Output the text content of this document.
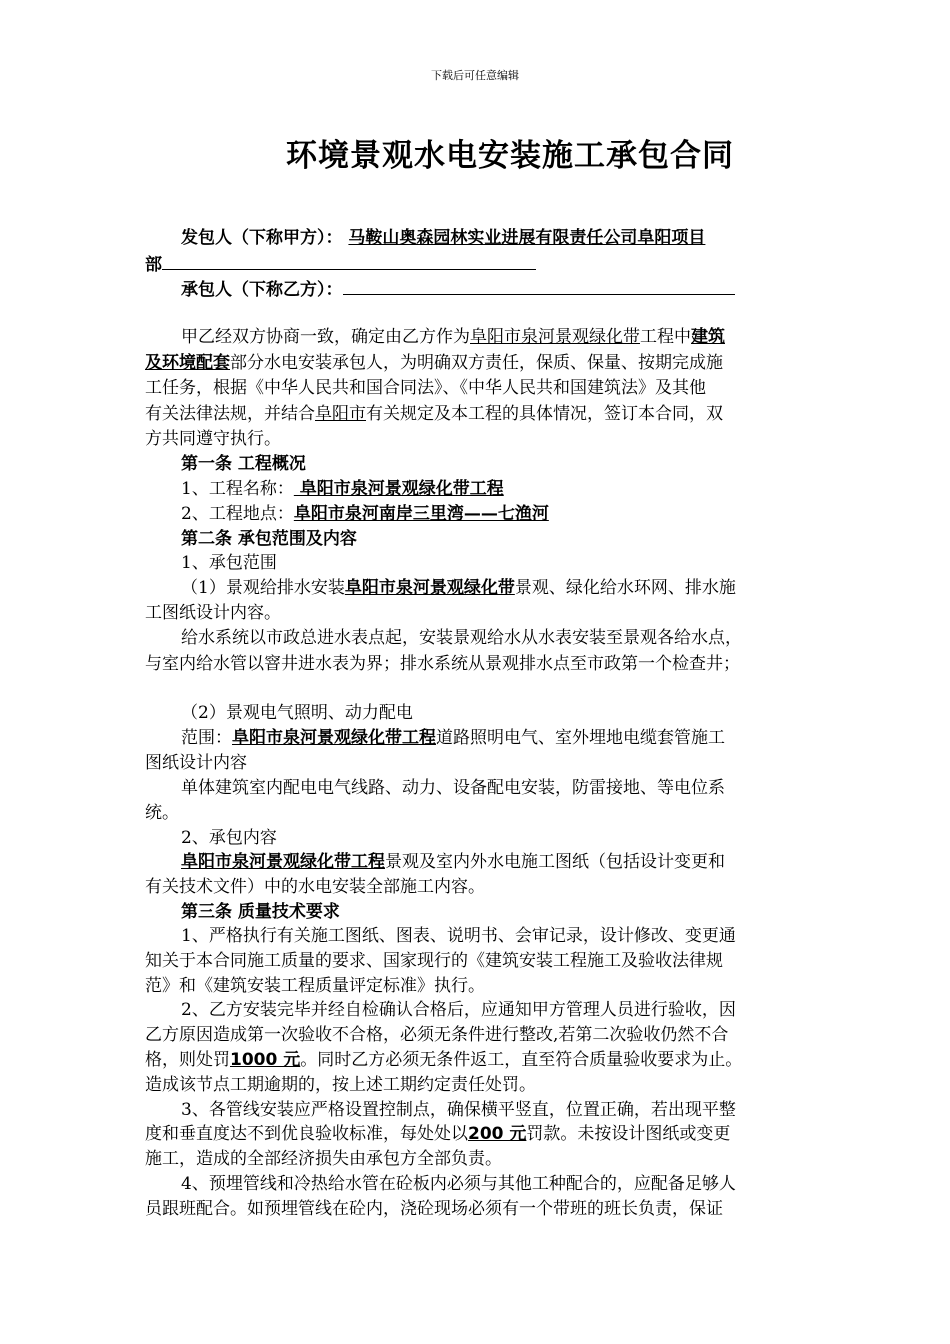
下载后可任意编辑
环境景观水电安装施工承包合同
发包人（下称甲方）： 马鞍山奥森园林实业进展有限责任公司阜阳项目
部
承包人（下称乙方）：
甲乙经双方协商一致，确定由乙方作为阜阳市泉河景观绿化带工程中建筑
及环境配套部分水电安装承包人，为明确双方责任，保质、保量、按期完成施
工任务，根据《中华人民共和国合同法》、《中华人民共和国建筑法》及其他
有关法律法规，并结合阜阳市有关规定及本工程的具体情况，签订本合同，双
方共同遵守执行。
第一条 工程概况
1、工程名称： 阜阳市泉河景观绿化带工程
2、工程地点：阜阳市泉河南岸三里湾——七渔河
第二条 承包范围及内容
1、承包范围
（1）景观给排水安装阜阳市泉河景观绿化带景观、绿化给水环网、排水施
工图纸设计内容。
给水系统以市政总进水表点起，安装景观给水从水表安装至景观各给水点，
与室内给水管以窨井进水表为界；排水系统从景观排水点至市政第一个检查井；
（2）景观电气照明、动力配电
范围：阜阳市泉河景观绿化带工程道路照明电气、室外埋地电缆套管施工
图纸设计内容
单体建筑室内配电电气线路、动力、设备配电安装，防雷接地、等电位系
统。
2、承包内容
阜阳市泉河景观绿化带工程景观及室内外水电施工图纸（包括设计变更和
有关技术文件）中的水电安装全部施工内容。
第三条 质量技术要求
1、严格执行有关施工图纸、图表、说明书、会审记录，设计修改、变更通
知关于本合同施工质量的要求、国家现行的《建筑安装工程施工及验收法律规
范》和《建筑安装工程质量评定标准》执行。
2、乙方安装完毕并经自检确认合格后，应通知甲方管理人员进行验收，因
乙方原因造成第一次验收不合格，必须无条件进行整改,若第二次验收仍然不合
格，则处罚1000 元。同时乙方必须无条件返工，直至符合质量验收要求为止。
造成该节点工期逾期的，按上述工期约定责任处罚。
3、各管线安装应严格设置控制点，确保横平竖直，位置正确，若出现平整
度和垂直度达不到优良验收标准，每处处以200 元罚款。未按设计图纸或变更
施工，造成的全部经济损失由承包方全部负责。
4、预埋管线和冷热给水管在砼板内必须与其他工种配合的，应配备足够人
员跟班配合。如预埋管线在砼内，浇砼现场必须有一个带班的班长负责，保证
